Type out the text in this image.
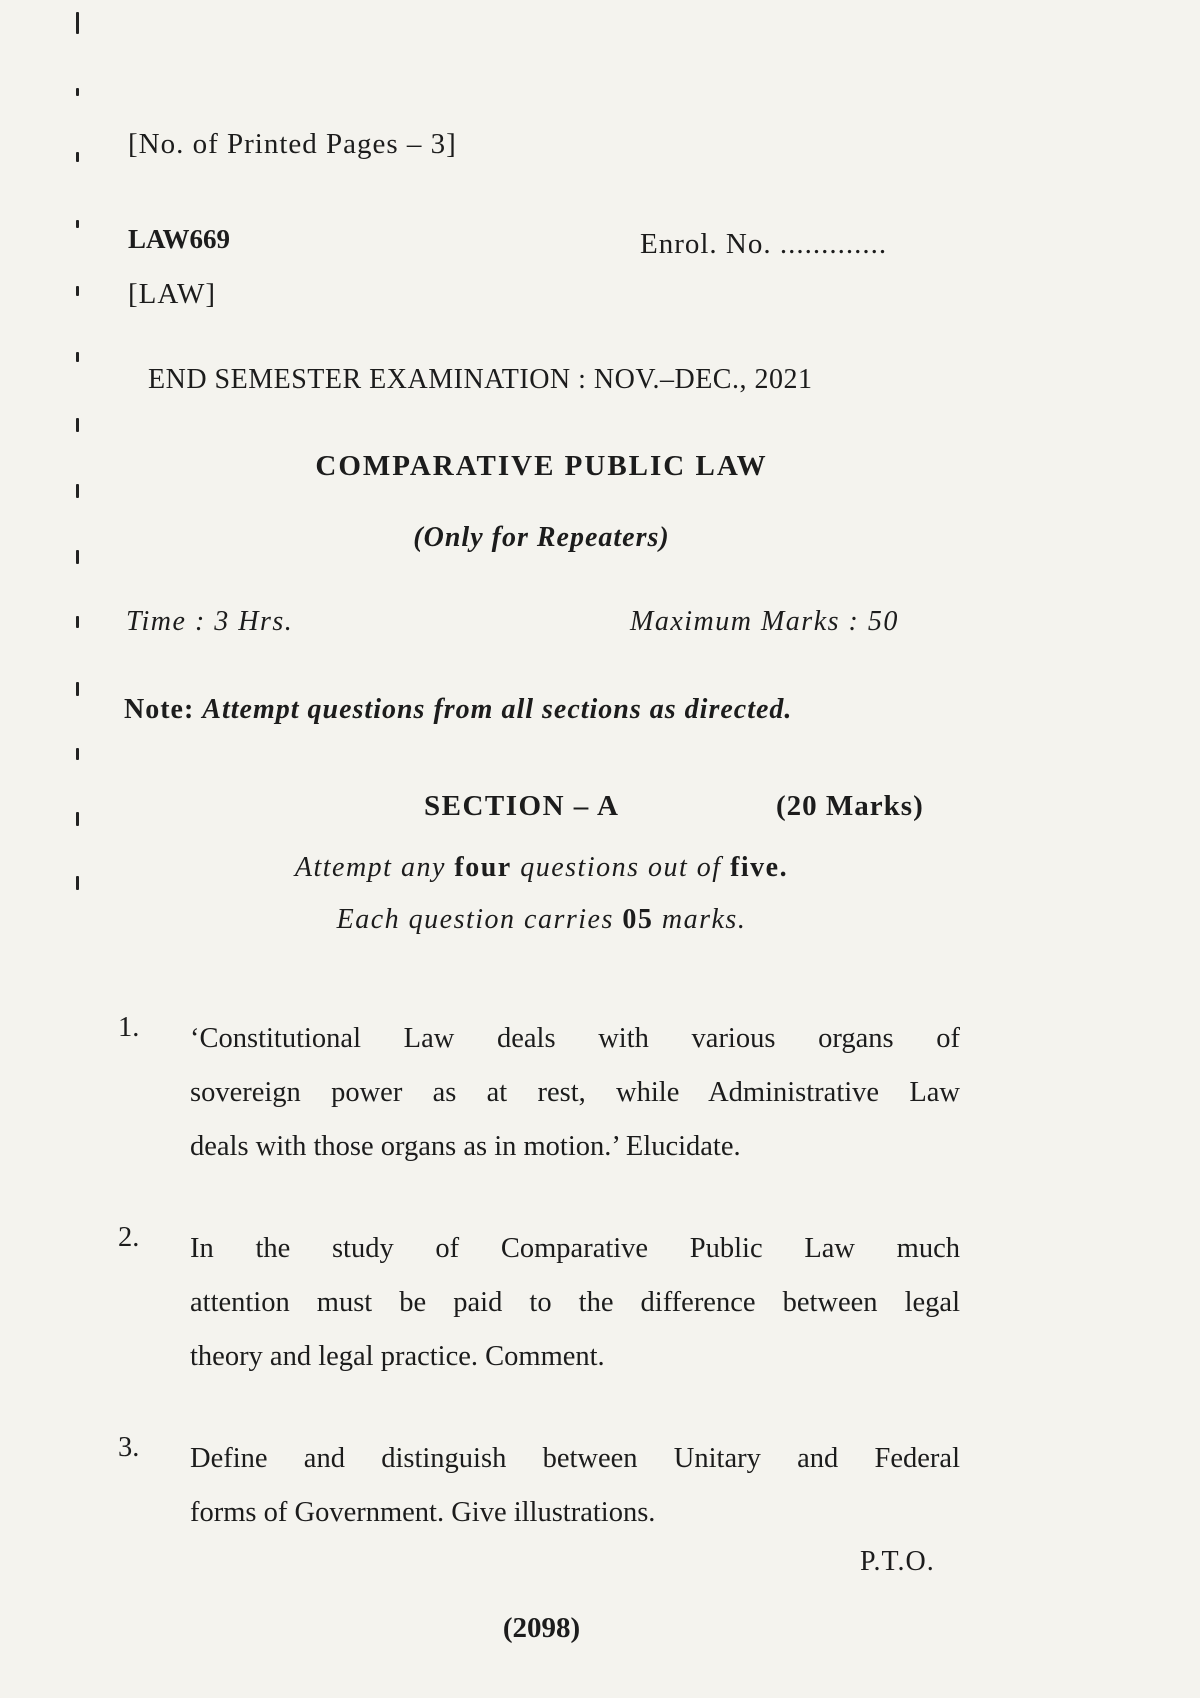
[No. of Printed Pages – 3]
LAW669	Enrol. No. .............
[LAW]
END SEMESTER EXAMINATION : NOV.–DEC., 2021
COMPARATIVE PUBLIC LAW
(Only for Repeaters)
Time : 3 Hrs.	Maximum Marks : 50
Note: Attempt questions from all sections as directed.
SECTION – A	(20 Marks)
Attempt any four questions out of five.
Each question carries 05 marks.
1. ‘Constitutional Law deals with various organs of
sovereign power as at rest, while Administrative Law
deals with those organs as in motion.’ Elucidate.
2. In the study of Comparative Public Law much
attention must be paid to the difference between legal
theory and legal practice. Comment.
3. Define and distinguish between Unitary and Federal
forms of Government. Give illustrations.
P.T.O.
(2098)
